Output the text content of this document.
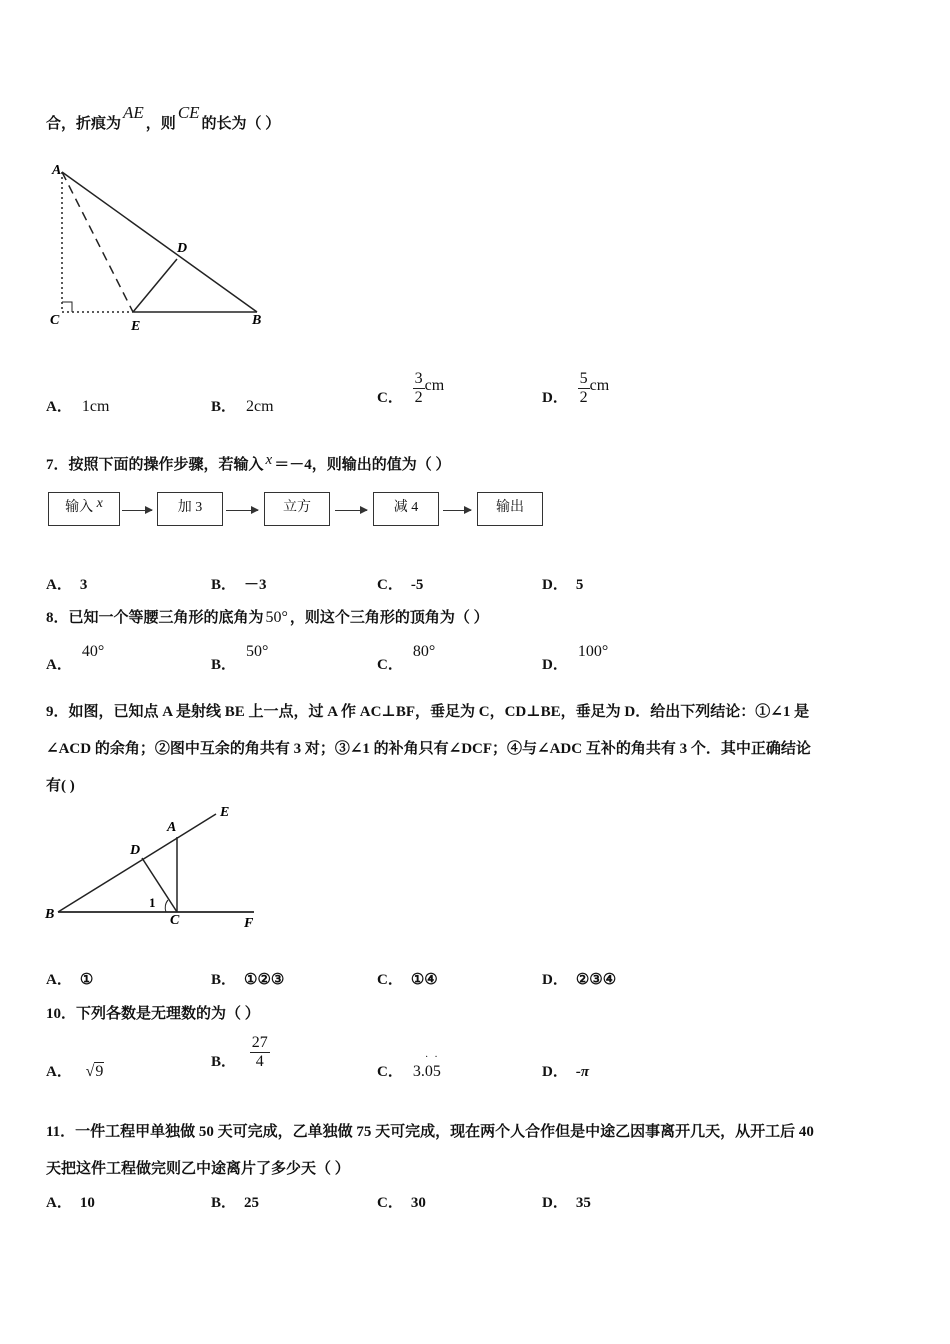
合，折痕为AE，则CE的长为（ ）
A
D
C	E	B
A． 1cm	B． 2cm	C． $\frac{3}{2}$ cm
D． $\frac{5}{2}$ cm
7．按照下面的操作步骤，若输入 x ＝－4，则输出的值为（ ）
输入 x	加 3	立方	减 4	输出
A． 3	B． －3	C． -5	D． 5
8．已知一个等腰三角形的底角为 50° ，则这个三角形的顶角为（ ）
A．40°
B．50°
C．80°
D．100°
9．如图，已知点 A 是射线 BE 上一点，过 A 作 AC⊥BF，垂足为 C，CD⊥BE，垂足为 D．给出下列结论：①∠1 是
∠ACD 的余角；②图中互余的角共有 3 对；③∠1 的补角只有∠DCF；④与∠ADC 互补的角共有 3 个．其中正确结论
有( )
E
A
D
1
B	C	F
A． ①	B． ①②③	C． ①④	D． ②③④
10．下列各数是无理数的为（ ）
A． √9
B． $\frac{27}{4}$
C． 3.05
··
D． -π
11．一件工程甲单独做 50 天可完成，乙单独做 75 天可完成，现在两个人合作但是中途乙因事离开几天，从开工后 40
天把这件工程做完则乙中途离片了多少天（ ）
A． 10	B． 25	C． 30	D． 35
